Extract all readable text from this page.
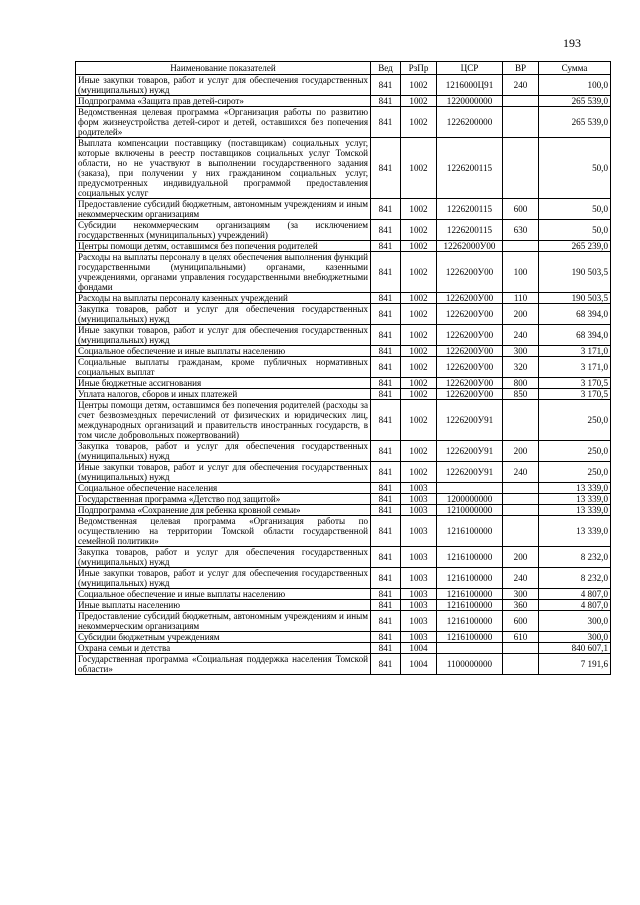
193
Наименование показателей	Вед	РзПр	ЦСР	ВР	Сумма
Иные закупки товаров, работ и услуг для обеспечения государственных (муниципальных) нужд	841	1002	1216000Ц91	240	100,0
Подпрограмма «Защита прав детей-сирот»	841	1002	1220000000		265 539,0
Ведомственная целевая программа «Организация работы по развитию форм жизнеустройства детей-сирот и детей, оставшихся без попечения родителей»	841	1002	1226200000		265 539,0
Выплата компенсации поставщику (поставщикам) социальных услуг, которые включены в реестр поставщиков социальных услуг Томской области, но не участвуют в выполнении государственного задания (заказа), при получении у них гражданином социальных услуг, предусмотренных индивидуальной программой предоставления социальных услуг	841	1002	1226200115		50,0
Предоставление субсидий бюджетным, автономным учреждениям и иным некоммерческим организациям	841	1002	1226200115	600	50,0
Субсидии некоммерческим организациям (за исключением государственных (муниципальных) учреждений)	841	1002	1226200115	630	50,0
Центры помощи детям, оставшимся без попечения родителей	841	1002	12262000У00		265 239,0
Расходы на выплаты персоналу в целях обеспечения выполнения функций государственными (муниципальными) органами, казенными учреждениями, органами управления государственными внебюджетными фондами	841	1002	1226200У00	100	190 503,5
Расходы на выплаты персоналу казенных учреждений	841	1002	1226200У00	110	190 503,5
Закупка товаров, работ и услуг для обеспечения государственных (муниципальных) нужд	841	1002	1226200У00	200	68 394,0
Иные закупки товаров, работ и услуг для обеспечения государственных (муниципальных) нужд	841	1002	1226200У00	240	68 394,0
Социальное обеспечение и иные выплаты населению	841	1002	1226200У00	300	3 171,0
Социальные выплаты гражданам, кроме публичных нормативных социальных выплат	841	1002	1226200У00	320	3 171,0
Иные бюджетные ассигнования	841	1002	1226200У00	800	3 170,5
Уплата налогов, сборов и иных платежей	841	1002	1226200У00	850	3 170,5
Центры помощи детям, оставшимся без попечения родителей (расходы за счет безвозмездных перечислений от физических и юридических лиц, международных организаций и правительств иностранных государств, в том числе добровольных пожертвований)	841	1002	1226200У91		250,0
Закупка товаров, работ и услуг для обеспечения государственных (муниципальных) нужд	841	1002	1226200У91	200	250,0
Иные закупки товаров, работ и услуг для обеспечения государственных (муниципальных) нужд	841	1002	1226200У91	240	250,0
Социальное обеспечение населения	841	1003			13 339,0
Государственная программа «Детство под защитой»	841	1003	1200000000		13 339,0
Подпрограмма «Сохранение для ребенка кровной семьи»	841	1003	1210000000		13 339,0
Ведомственная целевая программа «Организация работы по осуществлению на территории Томской области государственной семейной политики»	841	1003	1216100000		13 339,0
Закупка товаров, работ и услуг для обеспечения государственных (муниципальных) нужд	841	1003	1216100000	200	8 232,0
Иные закупки товаров, работ и услуг для обеспечения государственных (муниципальных) нужд	841	1003	1216100000	240	8 232,0
Социальное обеспечение и иные выплаты населению	841	1003	1216100000	300	4 807,0
Иные выплаты населению	841	1003	1216100000	360	4 807,0
Предоставление субсидий бюджетным, автономным учреждениям и иным некоммерческим организациям	841	1003	1216100000	600	300,0
Субсидии бюджетным учреждениям	841	1003	1216100000	610	300,0
Охрана семьи и детства	841	1004			840 607,1
Государственная программа «Социальная поддержка населения Томской области»	841	1004	1100000000		7 191,6
